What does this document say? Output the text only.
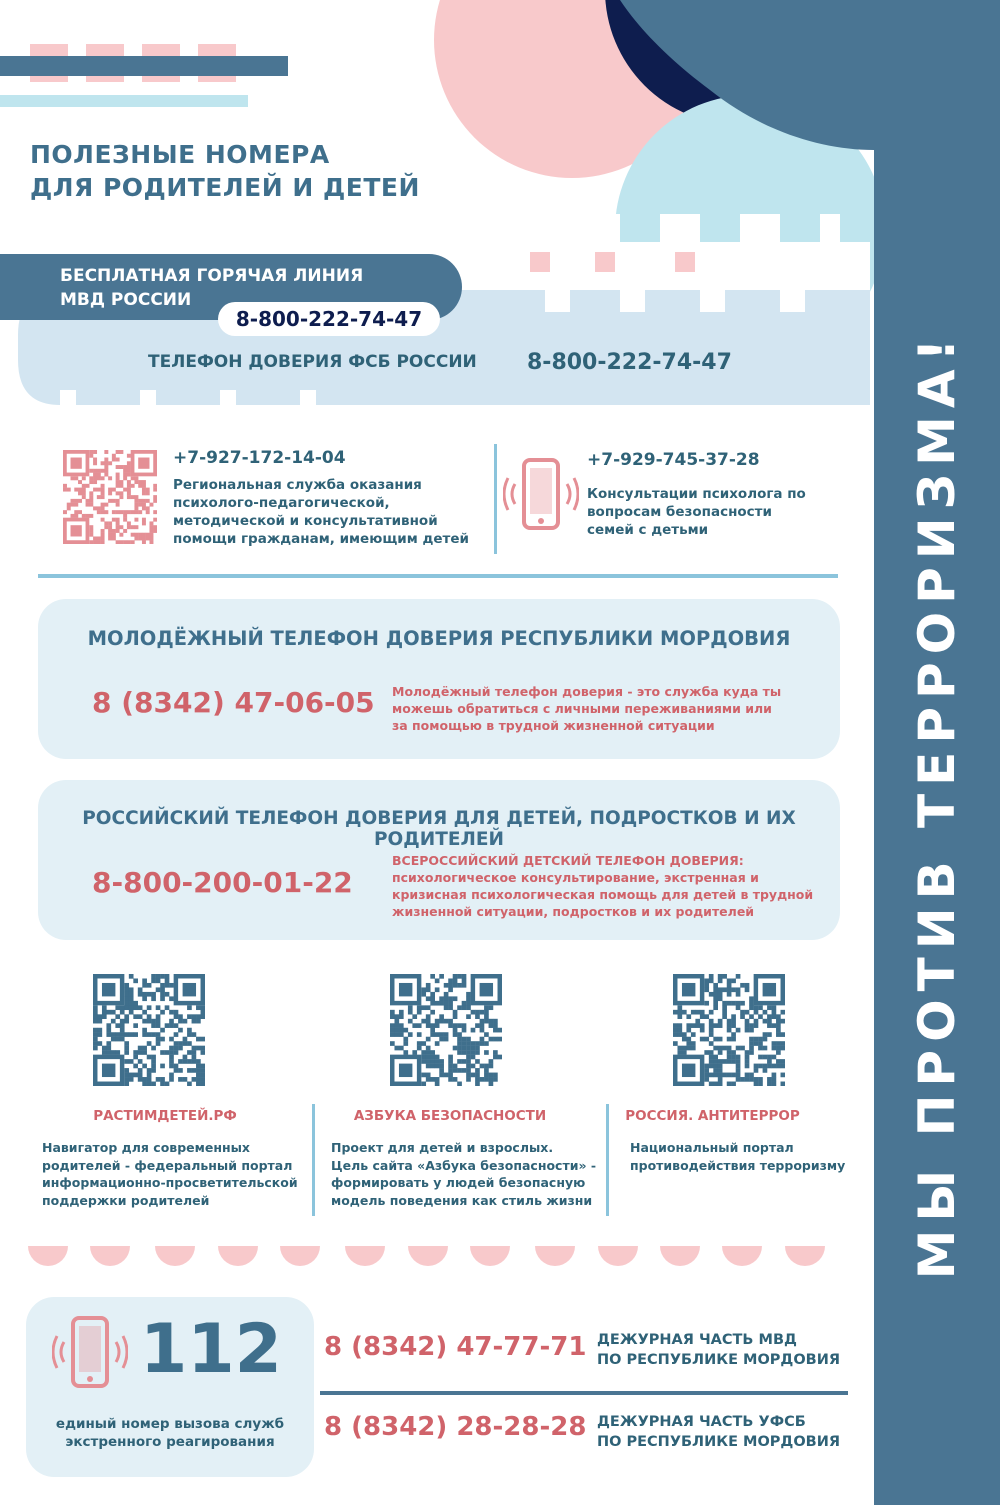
ПОЛЕЗНЫЕ НОМЕРА
ДЛЯ РОДИТЕЛЕЙ И ДЕТЕЙ
МЫ ПРОТИВ ТЕРРОРИЗМА!
БЕСПЛАТНАЯ ГОРЯЧАЯ ЛИНИЯ
МВД РОССИИ
8-800-222-74-47
ТЕЛЕФОН ДОВЕРИЯ ФСБ РОССИИ 8-800-222-74-47
+7-927-172-14-04
Региональная служба оказания
психолого-педагогической,
методической и консультативной
помощи гражданам, имеющим детей
+7-929-745-37-28
Консультации психолога по
вопросам безопасности
семей с детьми
МОЛОДЁЖНЫЙ ТЕЛЕФОН ДОВЕРИЯ РЕСПУБЛИКИ МОРДОВИЯ
8 (8342) 47-06-05 Молодёжный телефон доверия - это служба куда ты
можешь обратиться с личными переживаниями или
за помощью в трудной жизненной ситуации
РОССИЙСКИЙ ТЕЛЕФОН ДОВЕРИЯ ДЛЯ ДЕТЕЙ, ПОДРОСТКОВ И ИХ РОДИТЕЛЕЙ
8-800-200-01-22
ВСЕРОССИЙСКИЙ ДЕТСКИЙ ТЕЛЕФОН ДОВЕРИЯ:
психологическое консультирование, экстренная и
кризисная психологическая помощь для детей в трудной
жизненной ситуации, подростков и их родителей
РАСТИМДЕТЕЙ.РФ	АЗБУКА БЕЗОПАСНОСТИ	РОССИЯ. АНТИТЕРРОР
Навигатор для современных
родителей - федеральный портал
информационно-просветительской
поддержки родителей
Проект для детей и взрослых.
Цель сайта «Азбука безопасности» -
формировать у людей безопасную
модель поведения как стиль жизни
Национальный портал
противодействия терроризму
112
единый номер вызова служб
экстренного реагирования
8 (8342) 47-77-71 ДЕЖУРНАЯ ЧАСТЬ МВД
ПО РЕСПУБЛИКЕ МОРДОВИЯ
8 (8342) 28-28-28 ДЕЖУРНАЯ ЧАСТЬ УФСБ
ПО РЕСПУБЛИКЕ МОРДОВИЯ
